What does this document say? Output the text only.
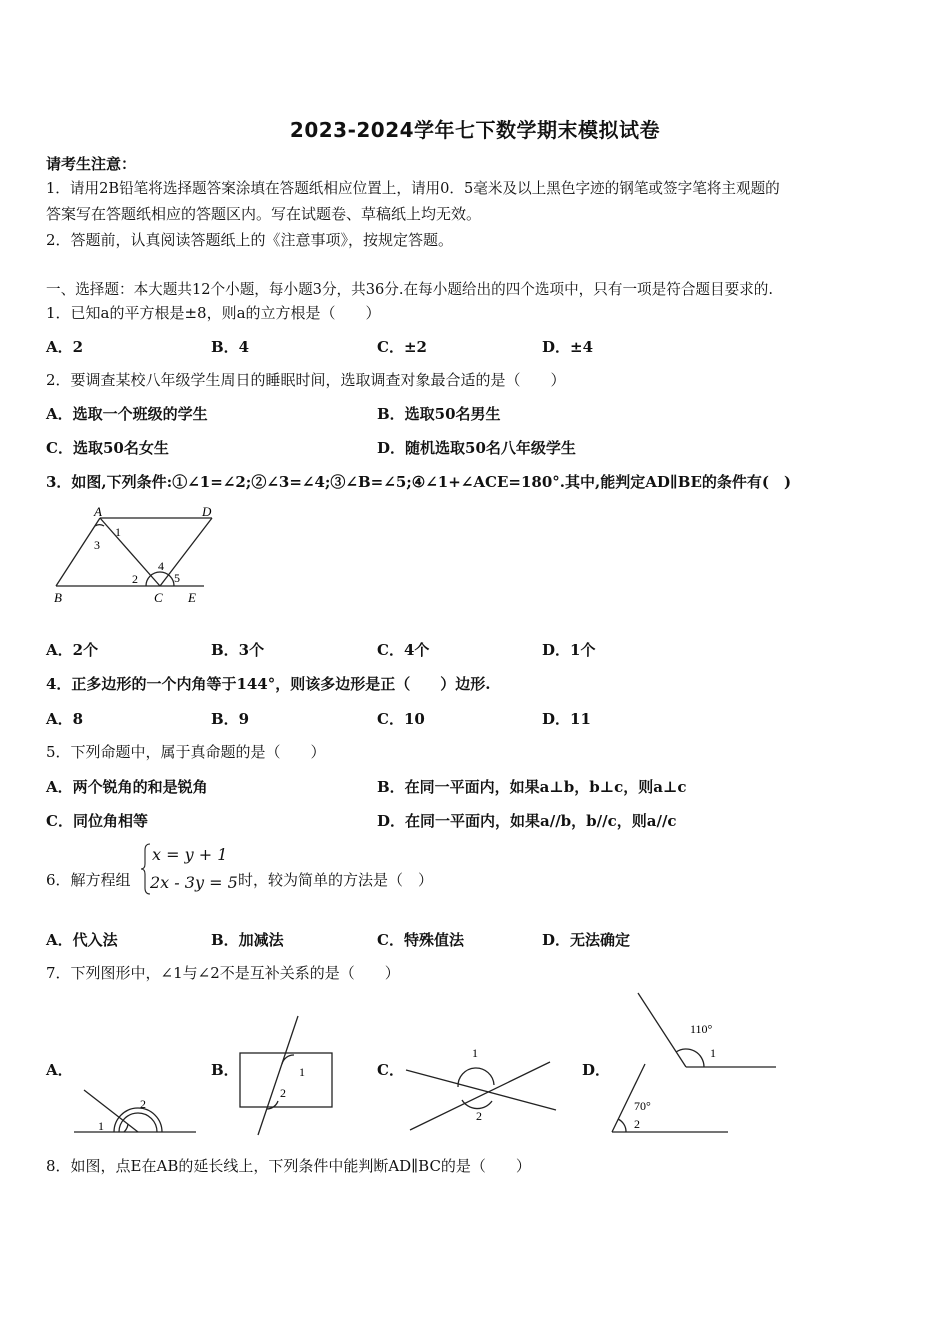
2023-2024学年七下数学期末模拟试卷
请考生注意：
1．请用2B铅笔将选择题答案涂填在答题纸相应位置上，请用0．5毫米及以上黑色字迹的钢笔或签字笔将主观题的
答案写在答题纸相应的答题区内。写在试题卷、草稿纸上均无效。
2．答题前，认真阅读答题纸上的《注意事项》，按规定答题。
一、选择题：本大题共12个小题，每小题3分，共36分.在每小题给出的四个选项中，只有一项是符合题目要求的.
1．已知a的平方根是±8，则a的立方根是（　　）
A．2	B．4	C．±2	D．±4
2．要调查某校八年级学生周日的睡眠时间，选取调查对象最合适的是（　　）
A．选取一个班级的学生	B．选取50名男生
C．选取50名女生	D．随机选取50名八年级学生
3．如图,下列条件:①∠1=∠2;②∠3=∠4;③∠B=∠5;④∠1+∠ACE=180°.其中,能判定AD∥BE的条件有(　)
A	D
B	C E
1
3
2
4
5
A．2个	B．3个	C．4个	D．1个
4．正多边形的一个内角等于144°，则该多边形是正（　　）边形.
A．8	B．9	C．10	D．11
5．下列命题中，属于真命题的是（　　）
A．两个锐角的和是锐角	B．在同一平面内，如果a⊥b，b⊥c，则a⊥c
C．同位角相等	D．在同一平面内，如果a//b，b//c，则a//c
6．解方程组
x = y + 1
2x - 3y = 5 时，较为简单的方法是（　）
A．代入法	B．加减法	C．特殊值法	D．无法确定
7．下列图形中，∠1与∠2不是互补关系的是（　　）
A．
1
2
B．	1
2
C．
1
2
D．
110°
1
70°
2
8．如图，点E在AB的延长线上，下列条件中能判断AD∥BC的是（　　）
